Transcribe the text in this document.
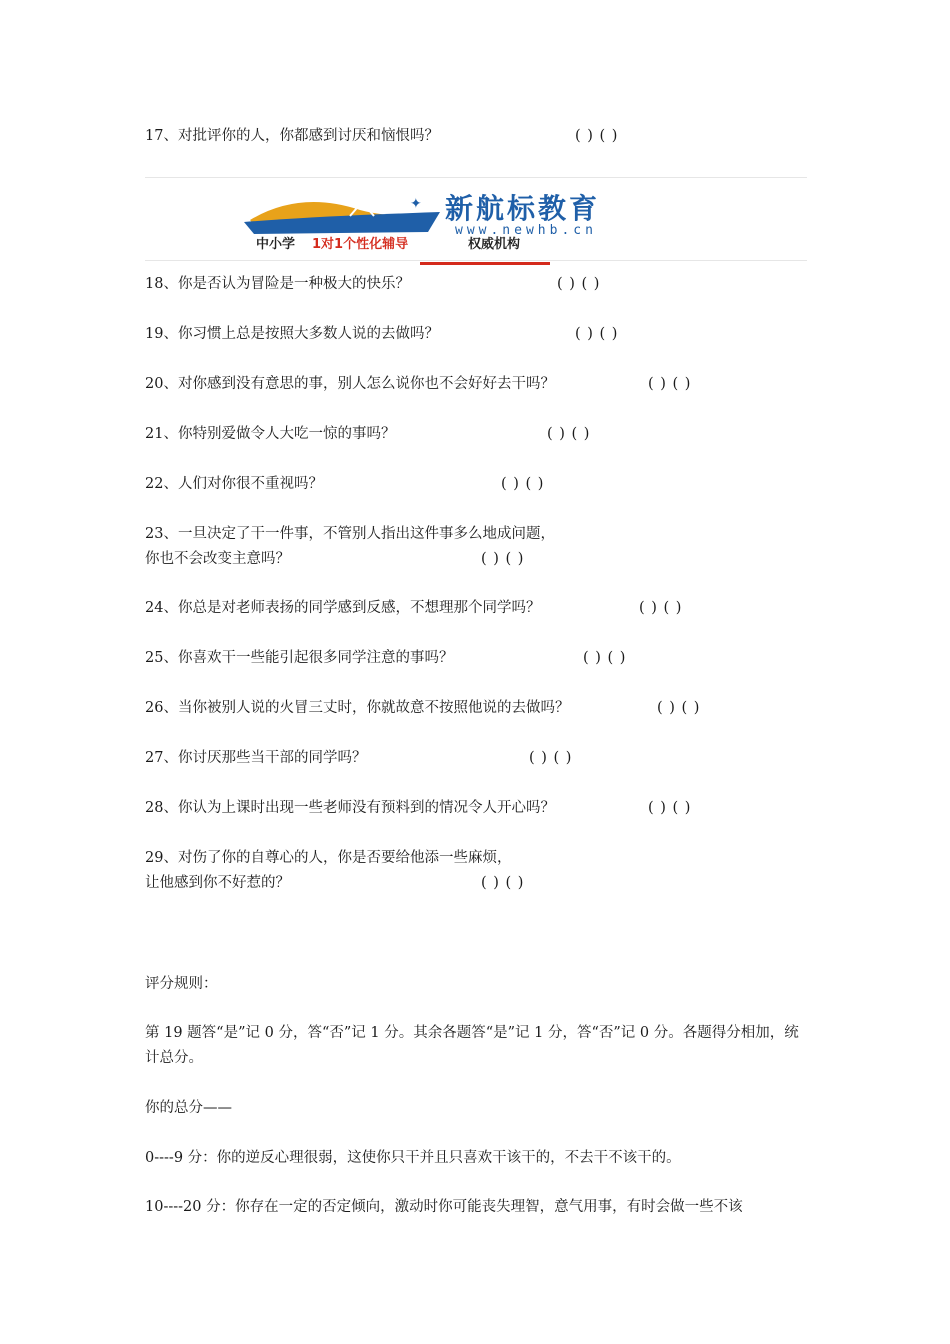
17、对批评你的人，你都感到讨厌和恼恨吗？	( ) ( )
✦ 新航标教育
www.newhb.cn
中小学 1对1个性化辅导	权威机构
18、你是否认为冒险是一种极大的快乐？	( ) ( )
19、你习惯上总是按照大多数人说的去做吗？	( ) ( )
20、对你感到没有意思的事，别人怎么说你也不会好好去干吗？	( ) ( )
21、你特别爱做令人大吃一惊的事吗？	( ) ( )
22、人们对你很不重视吗？	( ) ( )
23、一旦决定了干一件事，不管别人指出这件事多么地成问题，
你也不会改变主意吗？	( ) ( )
24、你总是对老师表扬的同学感到反感，不想理那个同学吗？	( ) ( )
25、你喜欢干一些能引起很多同学注意的事吗？	( ) ( )
26、当你被别人说的火冒三丈时，你就故意不按照他说的去做吗？	( ) ( )
27、你讨厌那些当干部的同学吗？	( ) ( )
28、你认为上课时出现一些老师没有预料到的情况令人开心吗？	( ) ( )
29、对伤了你的自尊心的人，你是否要给他添一些麻烦，
让他感到你不好惹的？	( ) ( )
评分规则：
第 19 题答“是”记 0 分，答“否”记 1 分。其余各题答“是”记 1 分，答“否”记 0 分。各题得分相加，统计总分。
你的总分——
0----9 分：你的逆反心理很弱，这使你只干并且只喜欢干该干的，不去干不该干的。
10----20 分：你存在一定的否定倾向，激动时你可能丧失理智，意气用事，有时会做一些不该
